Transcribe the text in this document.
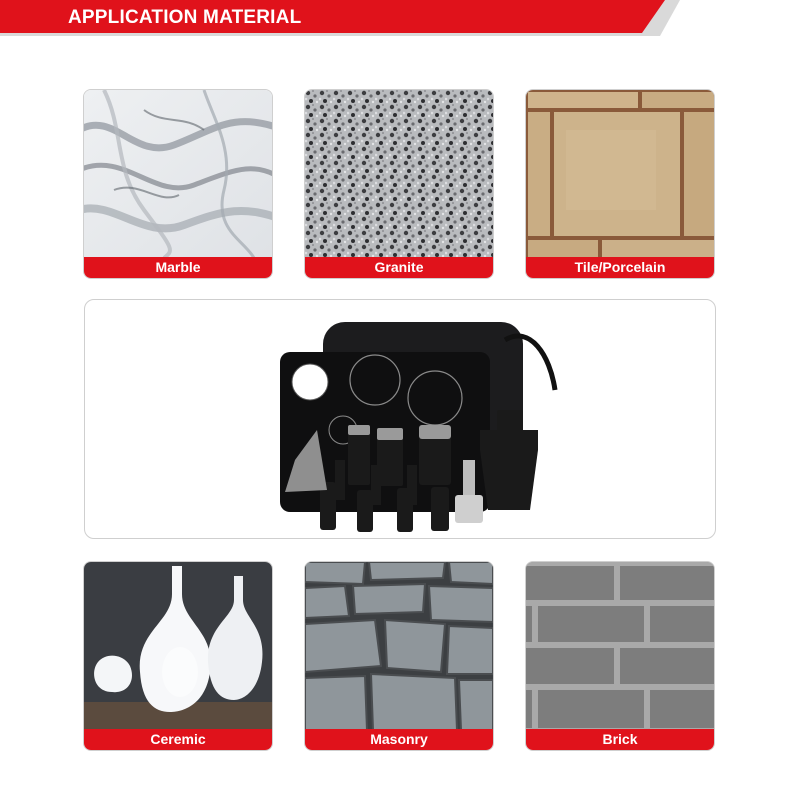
APPLICATION MATERIAL
Marble	Granite	Tile/Porcelain
Ceremic	Masonry	Brick
